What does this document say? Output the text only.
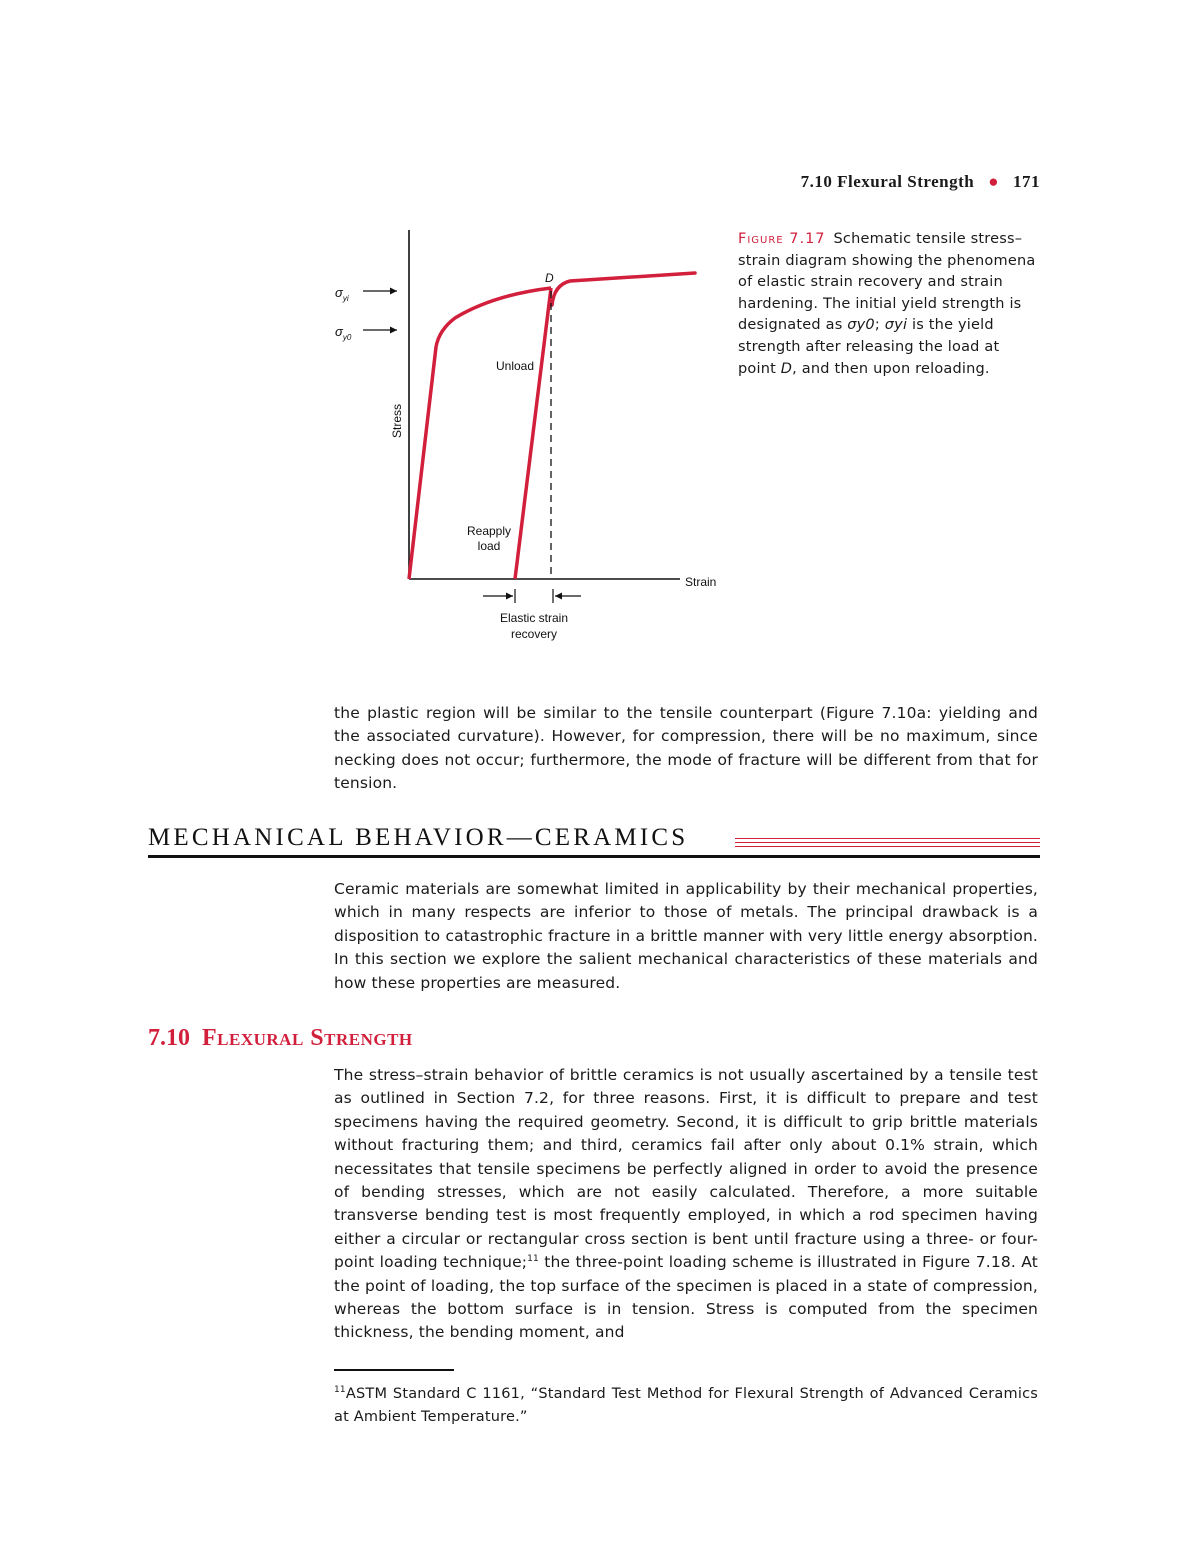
7.10 Flexural Strength ● 171
D
$\sigma_{yi}$
$\sigma_{y0}$
Stress
Strain
Unload
Reapply
load
Elastic strain
recovery
Figure 7.17 Schematic tensile stress–strain diagram showing the phenomena of elastic strain recovery and strain hardening. The initial yield strength is designated as σy0; σyi is the yield strength after releasing the load at point D, and then upon reloading.

the plastic region will be similar to the tensile counterpart (Figure 7.10a: yielding and the associated curvature). However, for compression, there will be no maximum, since necking does not occur; furthermore, the mode of fracture will be different from that for tension.

MECHANICAL BEHAVIOR—CERAMICS

Ceramic materials are somewhat limited in applicability by their mechanical properties, which in many respects are inferior to those of metals. The principal drawback is a disposition to catastrophic fracture in a brittle manner with very little energy absorption. In this section we explore the salient mechanical characteristics of these materials and how these properties are measured.

7.10 Flexural Strength

The stress–strain behavior of brittle ceramics is not usually ascertained by a tensile test as outlined in Section 7.2, for three reasons. First, it is difficult to prepare and test specimens having the required geometry. Second, it is difficult to grip brittle materials without fracturing them; and third, ceramics fail after only about 0.1% strain, which necessitates that tensile specimens be perfectly aligned in order to avoid the presence of bending stresses, which are not easily calculated. Therefore, a more suitable transverse bending test is most frequently employed, in which a rod specimen having either a circular or rectangular cross section is bent until fracture using a three- or four-point loading technique;$^{11}$ the three-point loading scheme is illustrated in Figure 7.18. At the point of loading, the top surface of the specimen is placed in a state of compression, whereas the bottom surface is in tension. Stress is computed from the specimen thickness, the bending moment, and

$^{11}$ASTM Standard C 1161, “Standard Test Method for Flexural Strength of Advanced Ceramics at Ambient Temperature.”
